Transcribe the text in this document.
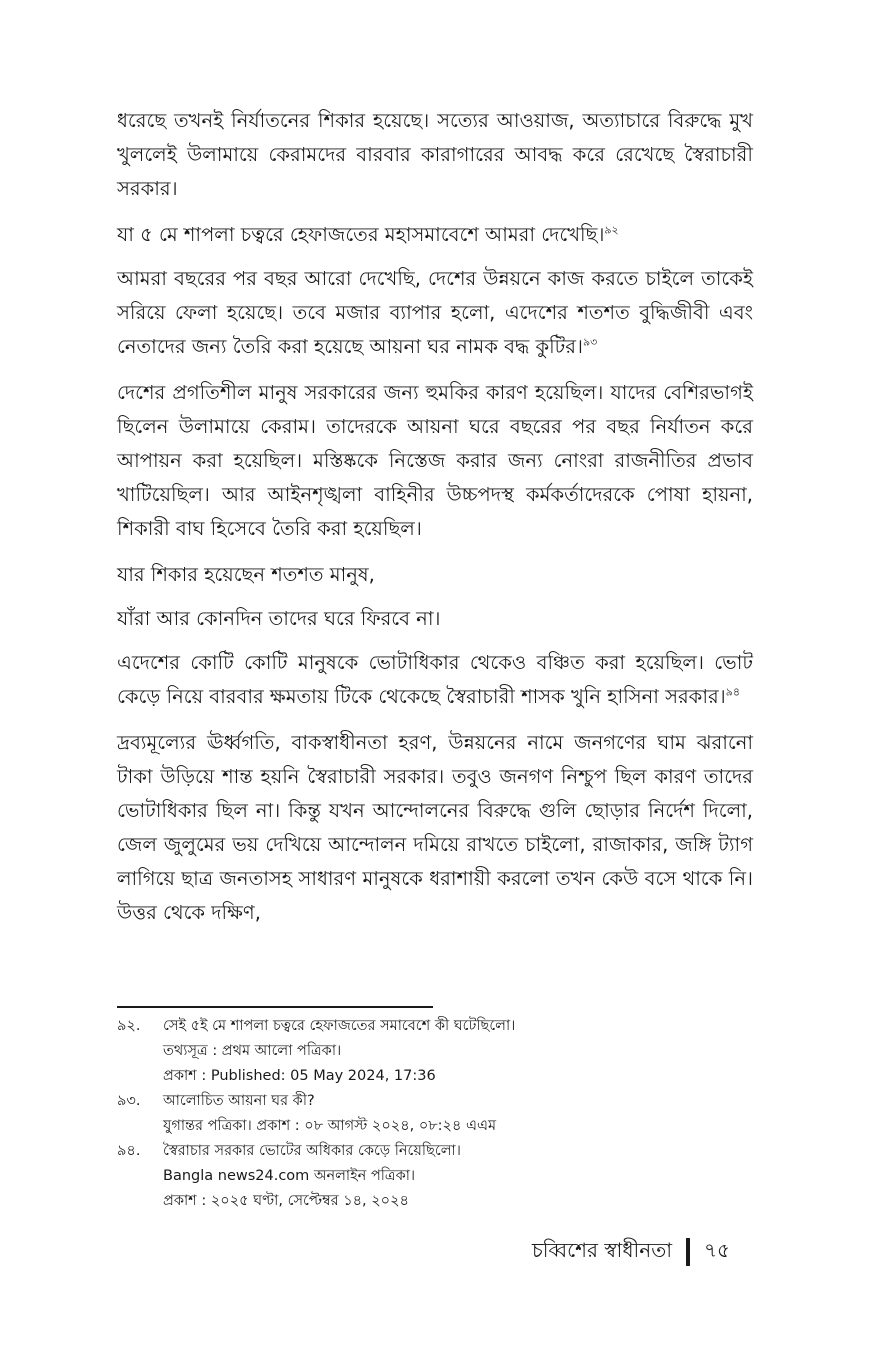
ধরেছে তখনই নির্যাতনের শিকার হয়েছে। সত্যের আওয়াজ, অত্যাচারে বিরুদ্ধে মুখ খুললেই উলামায়ে কেরামদের বারবার কারাগারের আবদ্ধ করে রেখেছে স্বৈরাচারী সরকার।

যা ৫ মে শাপলা চত্বরে হেফাজতের মহাসমাবেশে আমরা দেখেছি।$^{৯২}$

আমরা বছরের পর বছর আরো দেখেছি, দেশের উন্নয়নে কাজ করতে চাইলে তাকেই সরিয়ে ফেলা হয়েছে। তবে মজার ব্যাপার হলো, এদেশের শতশত বুদ্ধিজীবী এবং নেতাদের জন্য তৈরি করা হয়েছে আয়না ঘর নামক বদ্ধ কুটির।$^{৯৩}$

দেশের প্রগতিশীল মানুষ সরকারের জন্য হুমকির কারণ হয়েছিল। যাদের বেশিরভাগই ছিলেন উলামায়ে কেরাম। তাদেরকে আয়না ঘরে বছরের পর বছর নির্যাতন করে আপায়ন করা হয়েছিল। মস্তিষ্ককে নিস্তেজ করার জন্য নোংরা রাজনীতির প্রভাব খাটিয়েছিল। আর আইনশৃঙ্খলা বাহিনীর উচ্চপদস্থ কর্মকর্তাদেরকে পোষা হায়না, শিকারী বাঘ হিসেবে তৈরি করা হয়েছিল।

যার শিকার হয়েছেন শতশত মানুষ,

যাঁরা আর কোনদিন তাদের ঘরে ফিরবে না।

এদেশের কোটি কোটি মানুষকে ভোটাধিকার থেকেও বঞ্চিত করা হয়েছিল। ভোট কেড়ে নিয়ে বারবার ক্ষমতায় টিকে থেকেছে স্বৈরাচারী শাসক খুনি হাসিনা সরকার।$^{৯৪}$

দ্রব্যমূল্যের ঊর্ধ্বগতি, বাকস্বাধীনতা হরণ, উন্নয়নের নামে জনগণের ঘাম ঝরানো টাকা উড়িয়ে শান্ত হয়নি স্বৈরাচারী সরকার। তবুও জনগণ নিশ্চুপ ছিল কারণ তাদের ভোটাধিকার ছিল না। কিন্তু যখন আন্দোলনের বিরুদ্ধে গুলি ছোড়ার নির্দেশ দিলো, জেল জুলুমের ভয় দেখিয়ে আন্দোলন দমিয়ে রাখতে চাইলো, রাজাকার, জঙ্গি ট্যাগ লাগিয়ে ছাত্র জনতাসহ সাধারণ মানুষকে ধরাশায়ী করলো তখন কেউ বসে থাকে নি। উত্তর থেকে দক্ষিণ,

৯২.	সেই ৫ই মে শাপলা চত্বরে হেফাজতের সমাবেশে কী ঘটেছিলো।
তথ্যসূত্র : প্রথম আলো পত্রিকা।
প্রকাশ : Published: 05 May 2024, 17:36
৯৩.	আলোচিত আয়না ঘর কী?
যুগান্তর পত্রিকা। প্রকাশ : ০৮ আগস্ট ২০২৪, ০৮:২৪ এএম
৯৪.	স্বৈরাচার সরকার ভোটের অধিকার কেড়ে নিয়েছিলো।
Bangla news24.com অনলাইন পত্রিকা।
প্রকাশ : ২০২৫ ঘণ্টা, সেপ্টেম্বর ১৪, ২০২৪
চব্বিশের স্বাধীনতা ৭৫
